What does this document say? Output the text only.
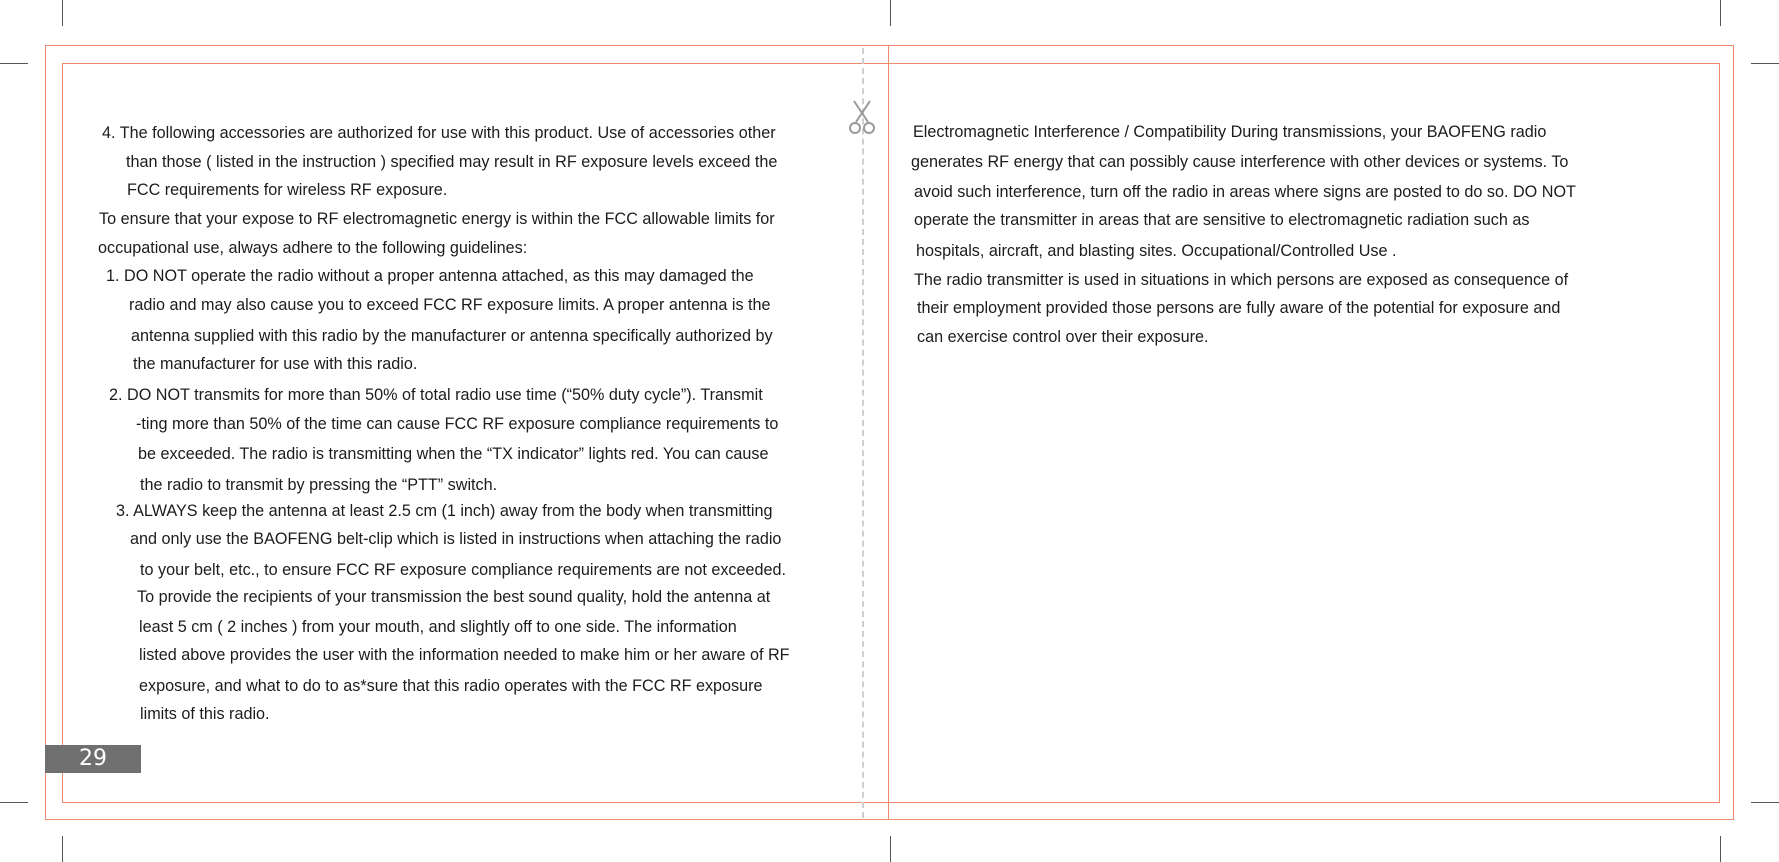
4. The following accessories are authorized for use with this product. Use of accessories other
than those ( listed in the instruction ) specified may result in RF exposure levels exceed the
FCC requirements for wireless RF exposure.
To ensure that your expose to RF electromagnetic energy is within the FCC allowable limits for
occupational use, always adhere to the following guidelines:
1. DO NOT operate the radio without a proper antenna attached, as this may damaged the
radio and may also cause you to exceed FCC RF exposure limits. A proper antenna is the
antenna supplied with this radio by the manufacturer or antenna specifically authorized by
the manufacturer for use with this radio.
2. DO NOT transmits for more than 50% of total radio use time (“50% duty cycle”). Transmit
-ting more than 50% of the time can cause FCC RF exposure compliance requirements to
be exceeded. The radio is transmitting when the “TX indicator” lights red. You can cause
the radio to transmit by pressing the “PTT” switch.
3. ALWAYS keep the antenna at least 2.5 cm (1 inch) away from the body when transmitting
and only use the BAOFENG belt-clip which is listed in instructions when attaching the radio
to your belt, etc., to ensure FCC RF exposure compliance requirements are not exceeded.
To provide the recipients of your transmission the best sound quality, hold the antenna at
least 5 cm ( 2 inches ) from your mouth, and slightly off to one side. The information
listed above provides the user with the information needed to make him or her aware of RF
exposure, and what to do to as*sure that this radio operates with the FCC RF exposure
limits of this radio.
Electromagnetic Interference / Compatibility During transmissions, your BAOFENG radio
generates RF energy that can possibly cause interference with other devices or systems. To
avoid such interference, turn off the radio in areas where signs are posted to do so. DO NOT
operate the transmitter in areas that are sensitive to electromagnetic radiation such as
hospitals, aircraft, and blasting sites. Occupational/Controlled Use .
The radio transmitter is used in situations in which persons are exposed as consequence of
their employment provided those persons are fully aware of the potential for exposure and
can exercise control over their exposure.
29
